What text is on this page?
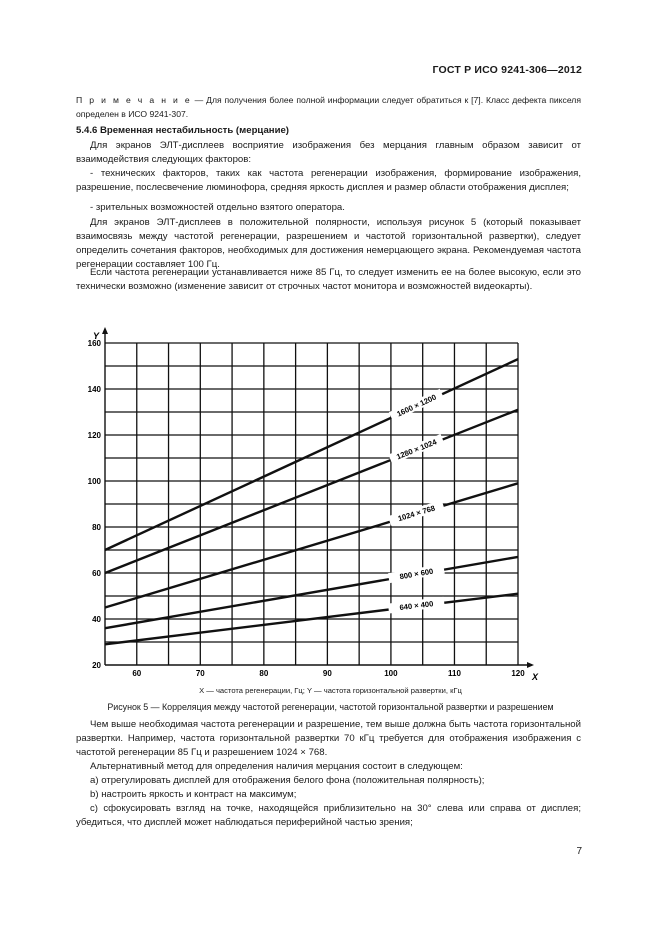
ГОСТ Р ИСО 9241-306—2012
П р и м е ч а н и е — Для получения более полной информации следует обратиться к [7]. Класс дефекта пикселя определен в ИСО 9241-307.
5.4.6 Временная нестабильность (мерцание)

Для экранов ЭЛТ-дисплеев восприятие изображения без мерцания главным образом зависит от взаимодействия следующих факторов:

- технических факторов, таких как частота регенерации изображения, формирование изображения, разрешение, послесвечение люминофора, средняя яркость дисплея и размер области отображения дисплея;

- зрительных возможностей отдельно взятого оператора.

Для экранов ЭЛТ-дисплеев в положительной полярности, используя рисунок 5 (который показывает взаимосвязь между частотой регенерации, разрешением и частотой горизонтальной развертки), следует определить сочетания факторов, необходимых для достижения немерцающего экрана. Рекомендуемая частота регенерации составляет 100 Гц.

Если частота регенерации устанавливается ниже 85 Гц, то следует изменить ее на более высокую, если это технически возможно (изменение зависит от строчных частот монитора и возможностей видеокарты).

Y
X
20
40
60
80
100
120
140
160
60	70	80	90	100	110	120
1600 × 1200
1280 × 1024
1024 × 768
800 × 600
640 × 400
X — частота регенерации, Гц; Y — частота горизонтальной развертки, кГц
Рисунок 5 — Корреляция между частотой регенерации, частотой горизонтальной развертки и разрешением

Чем выше необходимая частота регенерации и разрешение, тем выше должна быть частота горизонтальной развертки. Например, частота горизонтальной развертки 70 кГц требуется для отображения изображения с частотой регенерации 85 Гц и разрешением 1024 × 768.

Альтернативный метод для определения наличия мерцания состоит в следующем:

а) отрегулировать дисплей для отображения белого фона (положительная полярность);

b) настроить яркость и контраст на максимум;

с) сфокусировать взгляд на точке, находящейся приблизительно на 30° слева или справа от дисплея; убедиться, что дисплей может наблюдаться периферийной частью зрения;

7
